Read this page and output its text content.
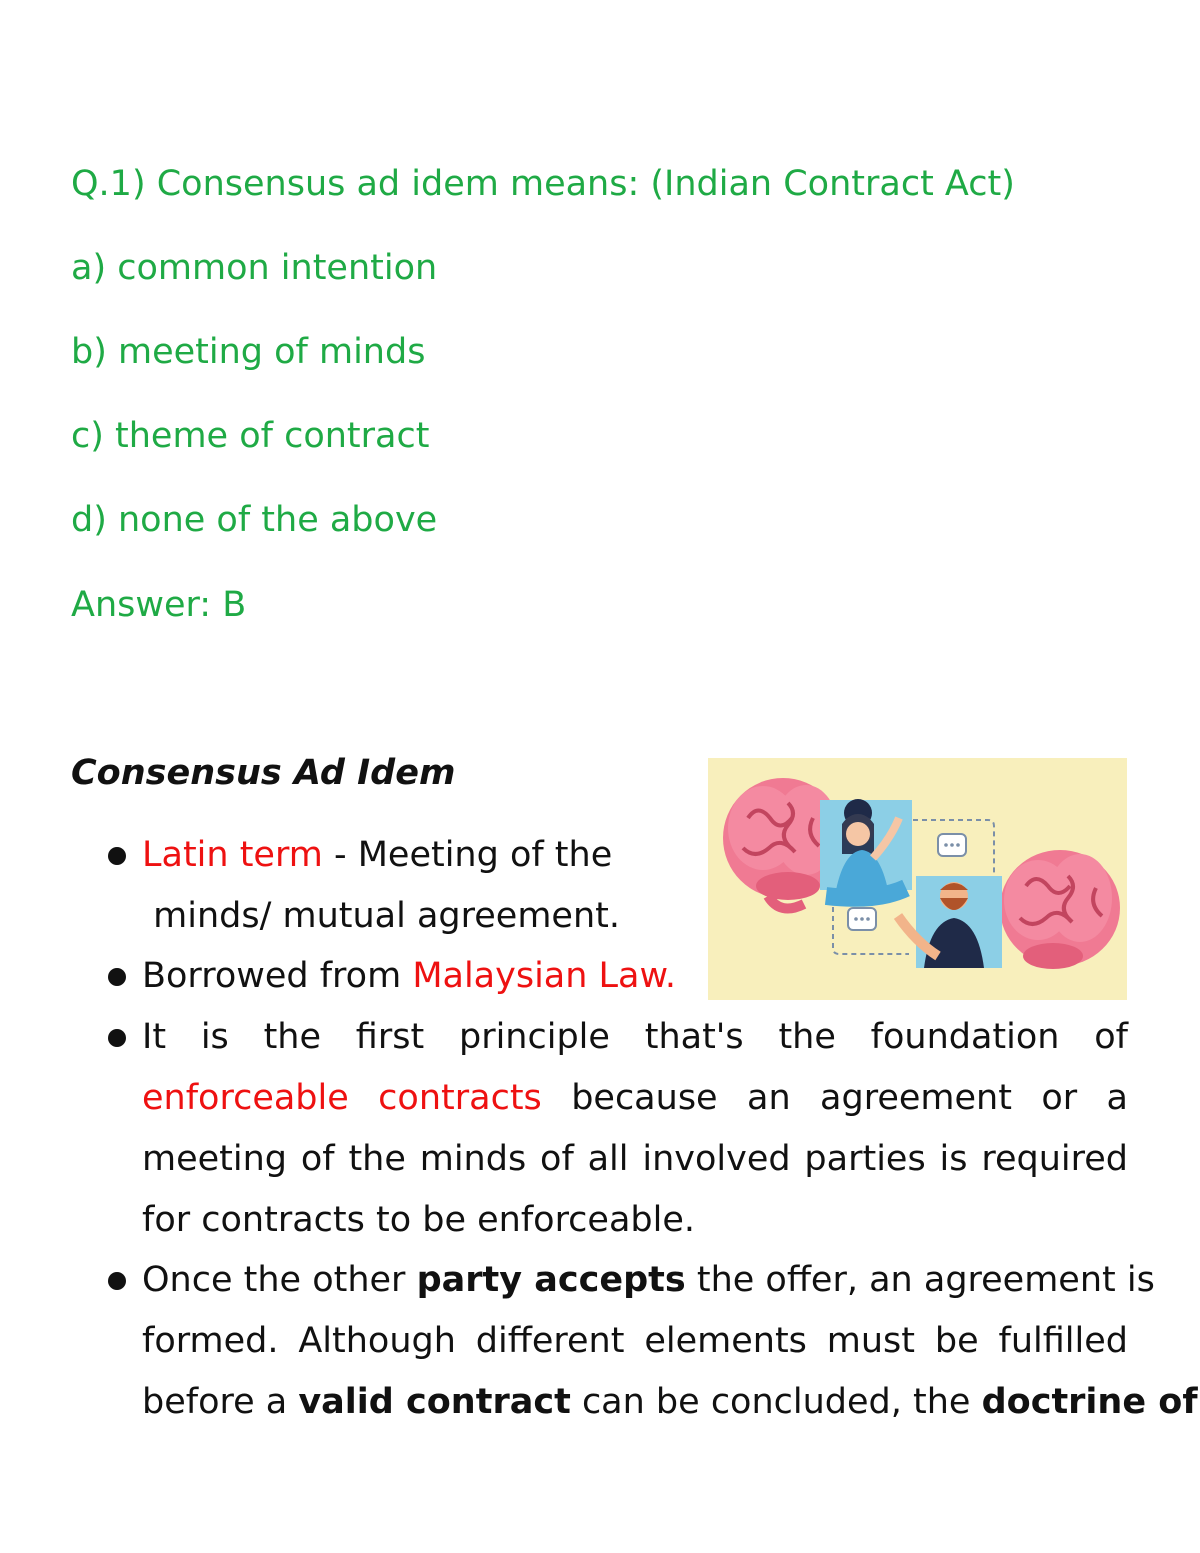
Q.1) Consensus ad idem means: (Indian Contract Act)
a) common intention
b) meeting of minds
c) theme of contract
d) none of the above
Answer: B
Consensus Ad Idem
Latin term - Meeting of the
minds/ mutual agreement.
Borrowed from Malaysian Law.
It is the first principle that's the foundation of
enforceable contracts because an agreement or a
meeting of the minds of all involved parties is required
for contracts to be enforceable.
Once the other party accepts the offer, an agreement is
formed. Although different elements must be fulfilled
before a valid contract can be concluded, the doctrine of
